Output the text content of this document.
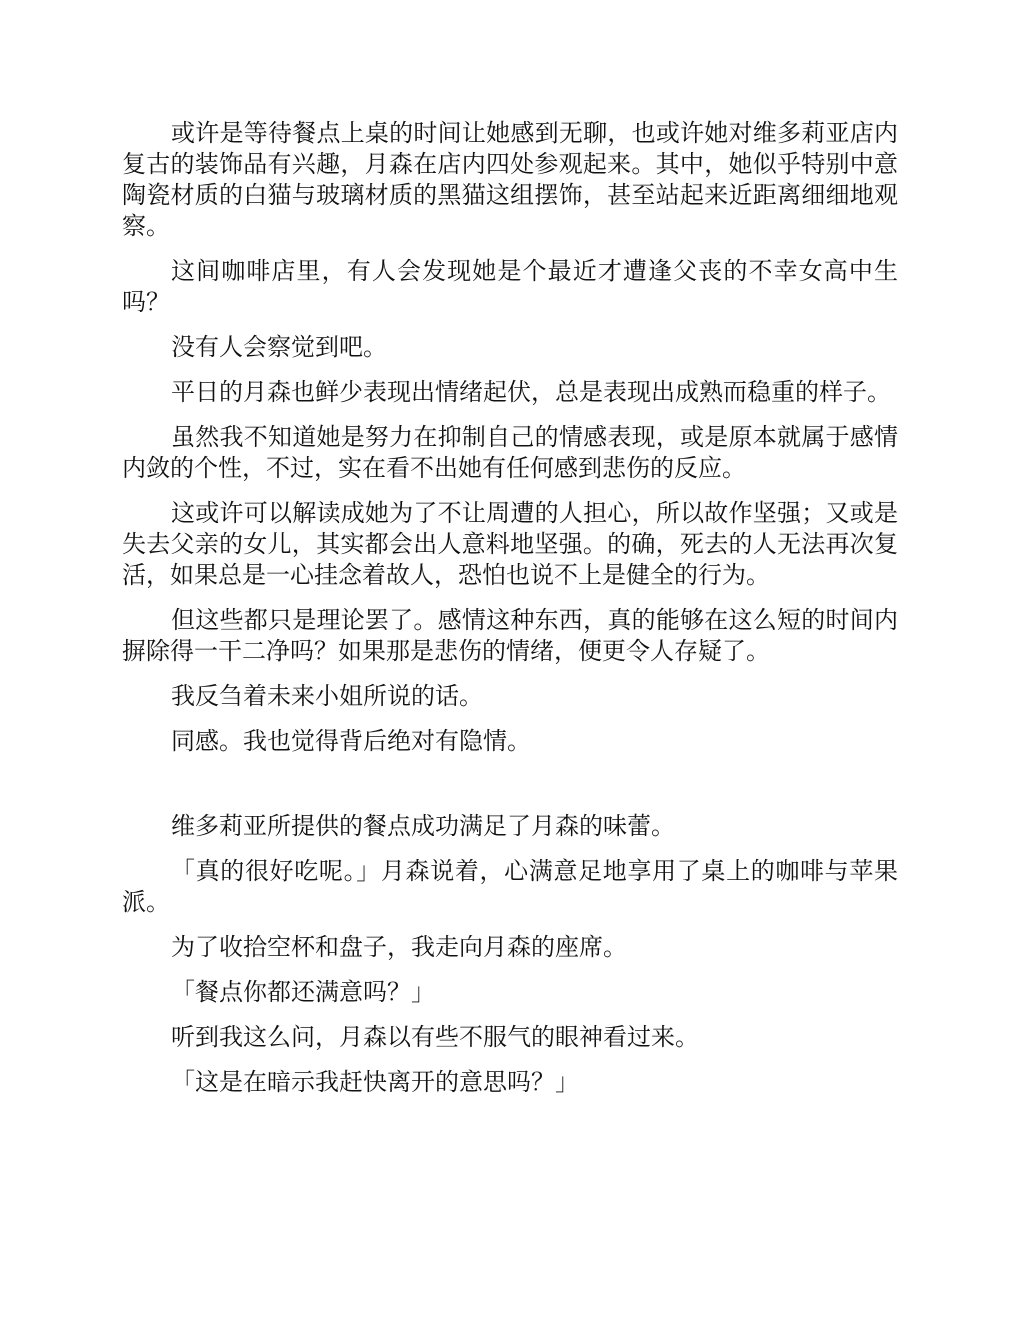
或许是等待餐点上桌的时间让她感到无聊，也或许她对维多莉亚店内复古的装饰品有兴趣，月森在店内四处参观起来。其中，她似乎特别中意陶瓷材质的白猫与玻璃材质的黑猫这组摆饰，甚至站起来近距离细细地观察。

这间咖啡店里，有人会发现她是个最近才遭逢父丧的不幸女高中生吗？

没有人会察觉到吧。

平日的月森也鲜少表现出情绪起伏，总是表现出成熟而稳重的样子。

虽然我不知道她是努力在抑制自己的情感表现，或是原本就属于感情内敛的个性，不过，实在看不出她有任何感到悲伤的反应。

这或许可以解读成她为了不让周遭的人担心，所以故作坚强；又或是失去父亲的女儿，其实都会出人意料地坚强。的确，死去的人无法再次复活，如果总是一心挂念着故人，恐怕也说不上是健全的行为。

但这些都只是理论罢了。感情这种东西，真的能够在这么短的时间内摒除得一干二净吗？如果那是悲伤的情绪，便更令人存疑了。

我反刍着未来小姐所说的话。

同感。我也觉得背后绝对有隐情。

维多莉亚所提供的餐点成功满足了月森的味蕾。

「真的很好吃呢。」月森说着，心满意足地享用了桌上的咖啡与苹果派。

为了收拾空杯和盘子，我走向月森的座席。

「餐点你都还满意吗？」

听到我这么问，月森以有些不服气的眼神看过来。

「这是在暗示我赶快离开的意思吗？」
